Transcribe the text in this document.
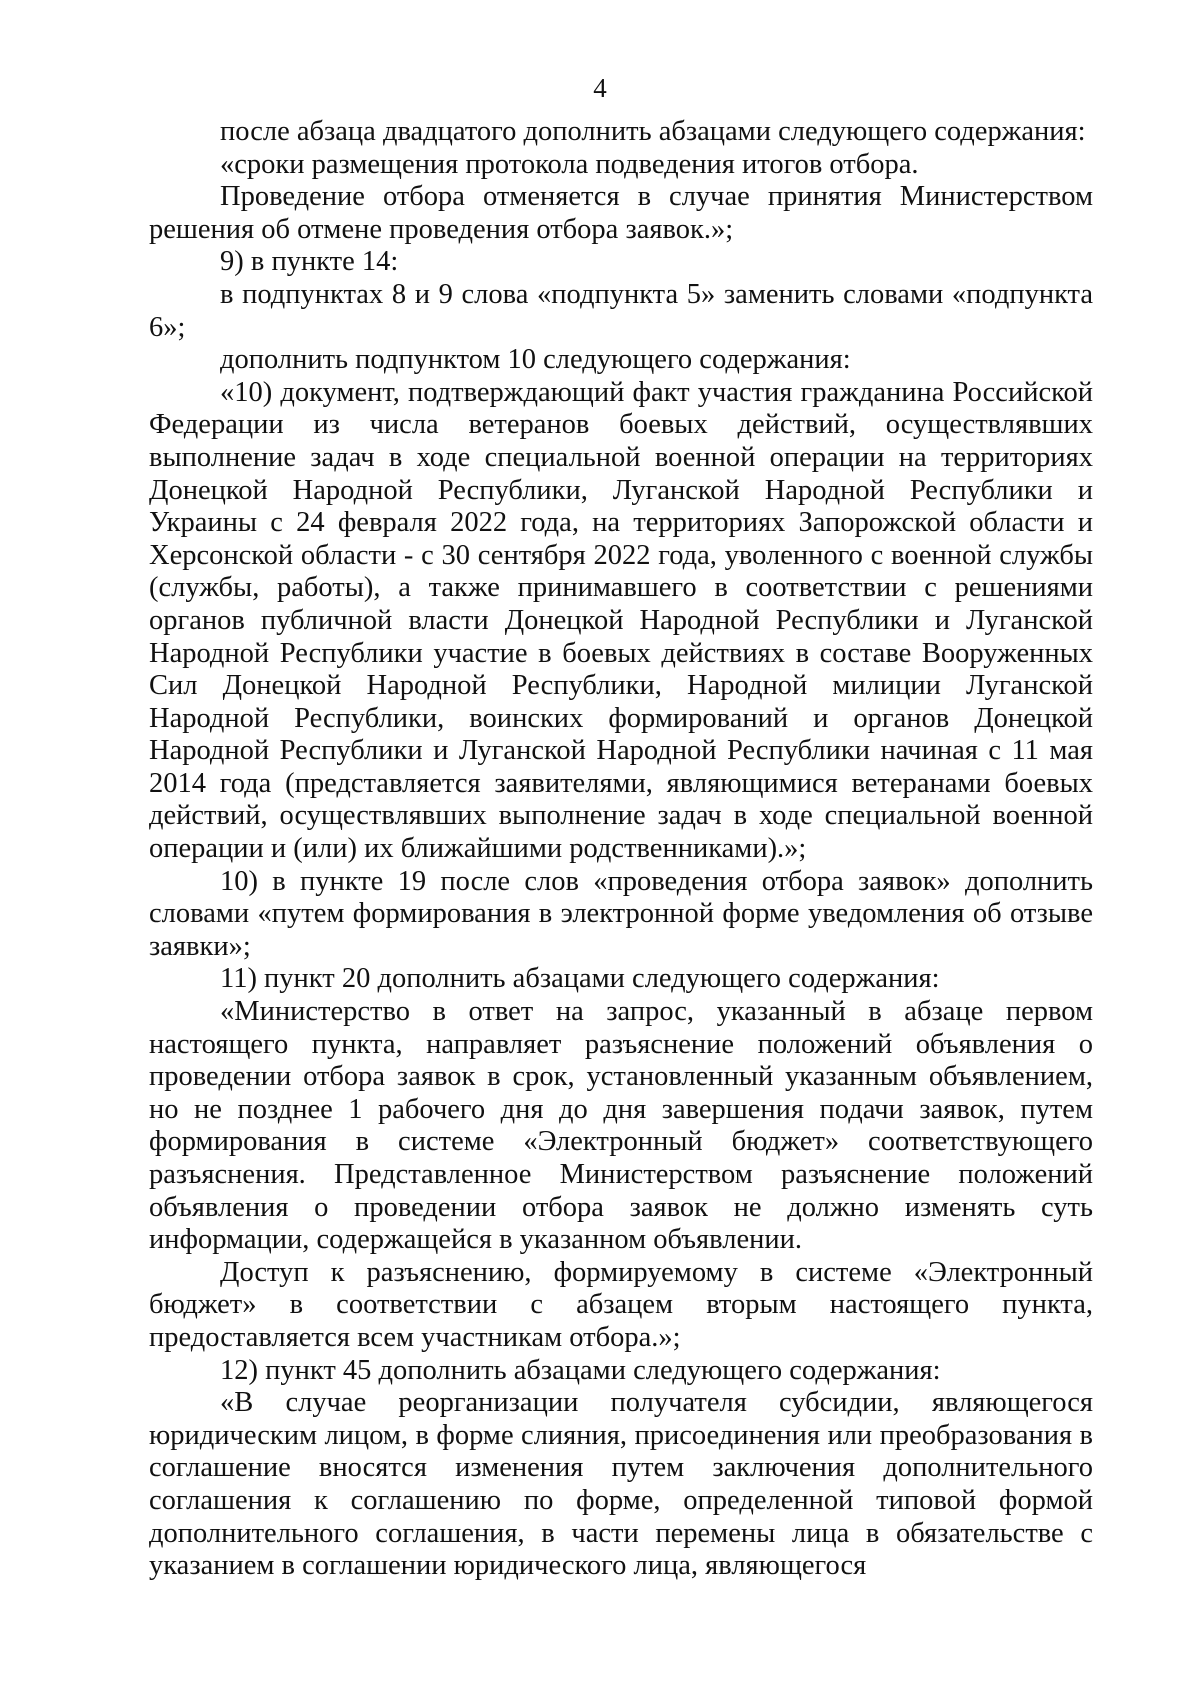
4

после абзаца двадцатого дополнить абзацами следующего содержания:

«сроки размещения протокола подведения итогов отбора.

Проведение отбора отменяется в случае принятия Министерством решения об отмене проведения отбора заявок.»;

9) в пункте 14:

в подпунктах 8 и 9 слова «подпункта 5» заменить словами «подпункта 6»;

дополнить подпунктом 10 следующего содержания:

«10) документ, подтверждающий факт участия гражданина Российской Федерации из числа ветеранов боевых действий, осуществлявших выполнение задач в ходе специальной военной операции на территориях Донецкой Народной Республики, Луганской Народной Республики и Украины с 24 февраля 2022 года, на территориях Запорожской области и Херсонской области - с 30 сентября 2022 года, уволенного с военной службы (службы, работы), а также принимавшего в соответствии с решениями органов публичной власти Донецкой Народной Республики и Луганской Народной Республики участие в боевых действиях в составе Вооруженных Сил Донецкой Народной Республики, Народной милиции Луганской Народной Республики, воинских формирований и органов Донецкой Народной Республики и Луганской Народной Республики начиная с 11 мая 2014 года (представляется заявителями, являющимися ветеранами боевых действий, осуществлявших выполнение задач в ходе специальной военной операции и (или) их ближайшими родственниками).»;

10) в пункте 19 после слов «проведения отбора заявок» дополнить словами «путем формирования в электронной форме уведомления об отзыве заявки»;

11) пункт 20 дополнить абзацами следующего содержания:

«Министерство в ответ на запрос, указанный в абзаце первом настоящего пункта, направляет разъяснение положений объявления о проведении отбора заявок в срок, установленный указанным объявлением, но не позднее 1 рабочего дня до дня завершения подачи заявок, путем формирования в системе «Электронный бюджет» соответствующего разъяснения. Представленное Министерством разъяснение положений объявления о проведении отбора заявок не должно изменять суть информации, содержащейся в указанном объявлении.

Доступ к разъяснению, формируемому в системе «Электронный бюджет» в соответствии с абзацем вторым настоящего пункта, предоставляется всем участникам отбора.»;

12) пункт 45 дополнить абзацами следующего содержания:

«В случае реорганизации получателя субсидии, являющегося юридическим лицом, в форме слияния, присоединения или преобразования в соглашение вносятся изменения путем заключения дополнительного соглашения к соглашению по форме, определенной типовой формой дополнительного соглашения, в части перемены лица в обязательстве с указанием в соглашении юридического лица, являющегося
